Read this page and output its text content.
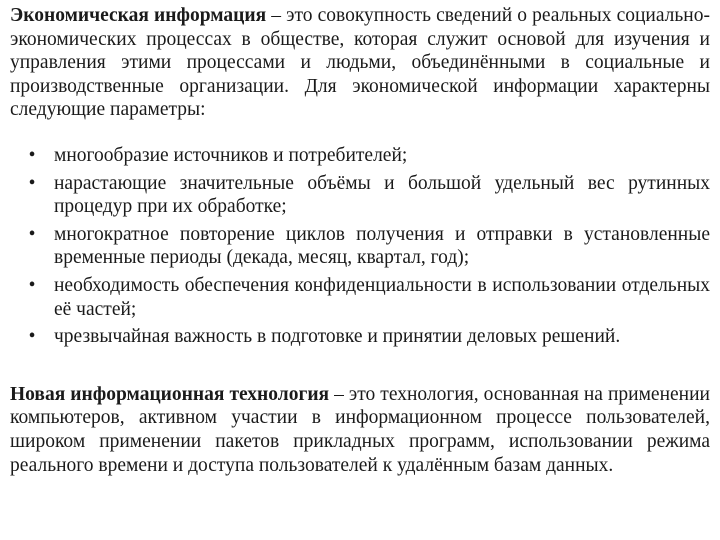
Экономическая информация – это совокупность сведений о реальных социально-экономических процессах в обществе, которая служит основой для изучения и управления этими процессами и людьми, объединёнными в социальные и производственные организации. Для экономической информации характерны следующие параметры:

• многообразие источников и потребителей;
• нарастающие значительные объёмы и большой удельный вес рутинных процедур при их обработке;
• многократное повторение циклов получения и отправки в установленные временные периоды (декада, месяц, квартал, год);
• необходимость обеспечения конфиденциальности в использовании отдельных её частей;
• чрезвычайная важность в подготовке и принятии деловых решений.

Новая информационная технология – это технология, основанная на применении компьютеров, активном участии в информационном процессе пользователей, широком применении пакетов прикладных программ, использовании режима реального времени и доступа пользователей к удалённым базам данных.
